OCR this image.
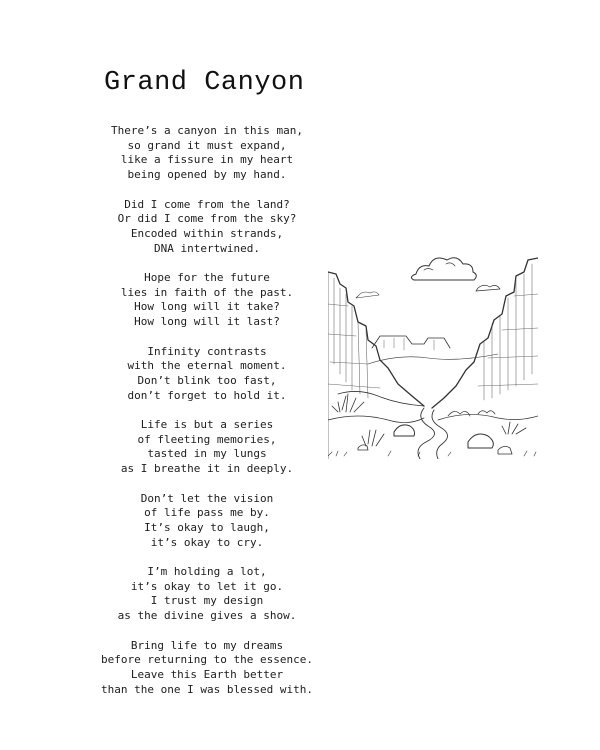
Grand Canyon
There’s a canyon in this man,
so grand it must expand,
like a fissure in my heart
being opened by my hand.
Did I come from the land?
Or did I come from the sky?
Encoded within strands,
DNA intertwined.
Hope for the future
lies in faith of the past.
How long will it take?
How long will it last?
Infinity contrasts
with the eternal moment.
Don’t blink too fast,
don’t forget to hold it.
Life is but a series
of fleeting memories,
tasted in my lungs
as I breathe it in deeply.
Don’t let the vision
of life pass me by.
It’s okay to laugh,
it’s okay to cry.
I’m holding a lot,
it’s okay to let it go.
I trust my design
as the divine gives a show.
Bring life to my dreams
before returning to the essence.
Leave this Earth better
than the one I was blessed with.
